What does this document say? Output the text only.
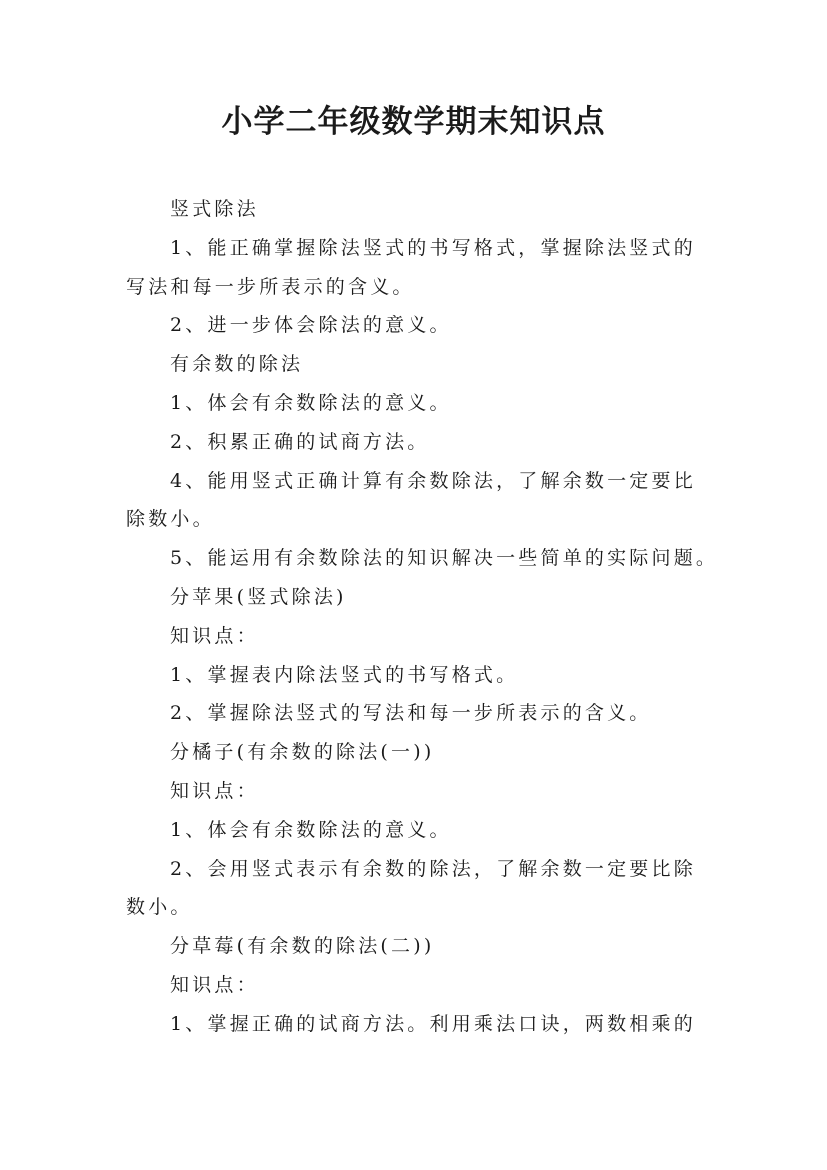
小学二年级数学期末知识点

竖式除法

1、能正确掌握除法竖式的书写格式，掌握除法竖式的

写法和每一步所表示的含义。

2、进一步体会除法的意义。

有余数的除法

1、体会有余数除法的意义。

2、积累正确的试商方法。

4、能用竖式正确计算有余数除法，了解余数一定要比

除数小。

5、能运用有余数除法的知识解决一些简单的实际问题。

分苹果(竖式除法)

知识点：

1、掌握表内除法竖式的书写格式。

2、掌握除法竖式的写法和每一步所表示的含义。

分橘子(有余数的除法(一))

知识点：

1、体会有余数除法的意义。

2、会用竖式表示有余数的除法，了解余数一定要比除

数小。

分草莓(有余数的除法(二))

知识点：

1、掌握正确的试商方法。利用乘法口诀，两数相乘的
